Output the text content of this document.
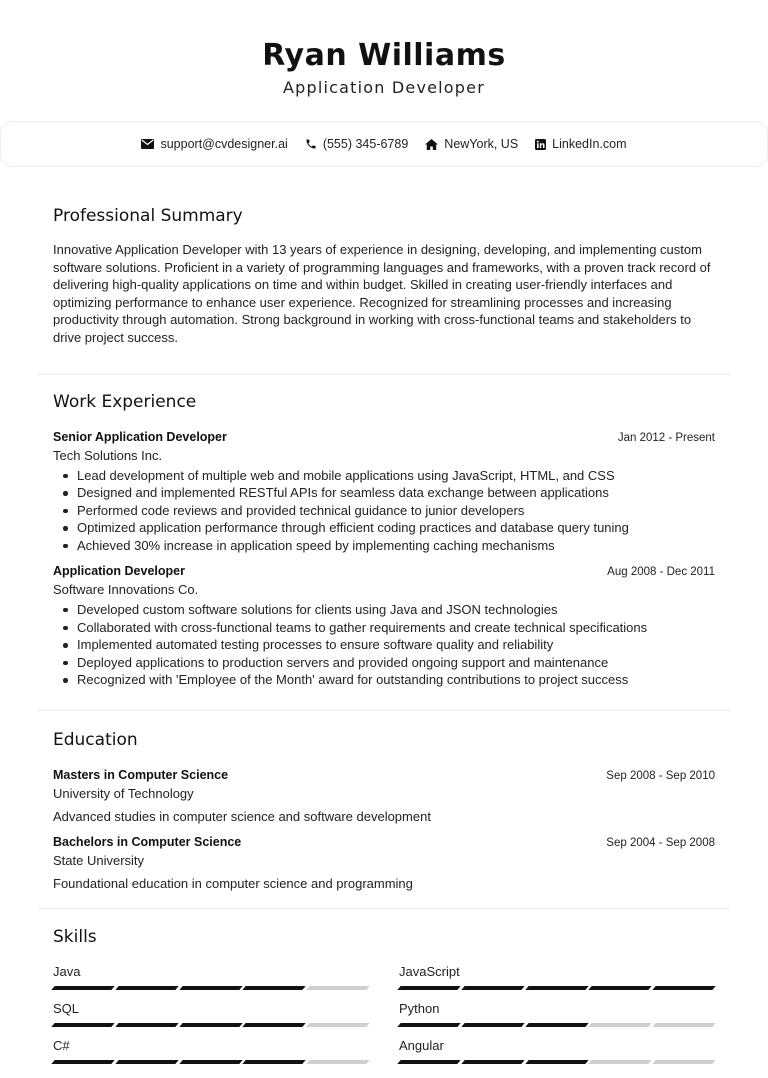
Ryan Williams
Application Developer
support@cvdesigner.ai	(555) 345-6789	NewYork, US	LinkedIn.com
Professional Summary

Innovative Application Developer with 13 years of experience in designing, developing, and implementing custom software solutions. Proficient in a variety of programming languages and frameworks, with a proven track record of delivering high-quality applications on time and within budget. Skilled in creating user-friendly interfaces and optimizing performance to enhance user experience. Recognized for streamlining processes and increasing productivity through automation. Strong background in working with cross-functional teams and stakeholders to drive project success.

Work Experience
Senior Application Developer	Jan 2012 - Present
Tech Solutions Inc.
Lead development of multiple web and mobile applications using JavaScript, HTML, and CSS
Designed and implemented RESTful APIs for seamless data exchange between applications
Performed code reviews and provided technical guidance to junior developers
Optimized application performance through efficient coding practices and database query tuning
Achieved 30% increase in application speed by implementing caching mechanisms
Application Developer	Aug 2008 - Dec 2011
Software Innovations Co.
Developed custom software solutions for clients using Java and JSON technologies
Collaborated with cross-functional teams to gather requirements and create technical specifications
Implemented automated testing processes to ensure software quality and reliability
Deployed applications to production servers and provided ongoing support and maintenance
Recognized with 'Employee of the Month' award for outstanding contributions to project success
Education
Masters in Computer Science	Sep 2008 - Sep 2010
University of Technology
Advanced studies in computer science and software development
Bachelors in Computer Science	Sep 2004 - Sep 2008
State University
Foundational education in computer science and programming
Skills
Java	JavaScript
SQL	Python
C#	Angular
